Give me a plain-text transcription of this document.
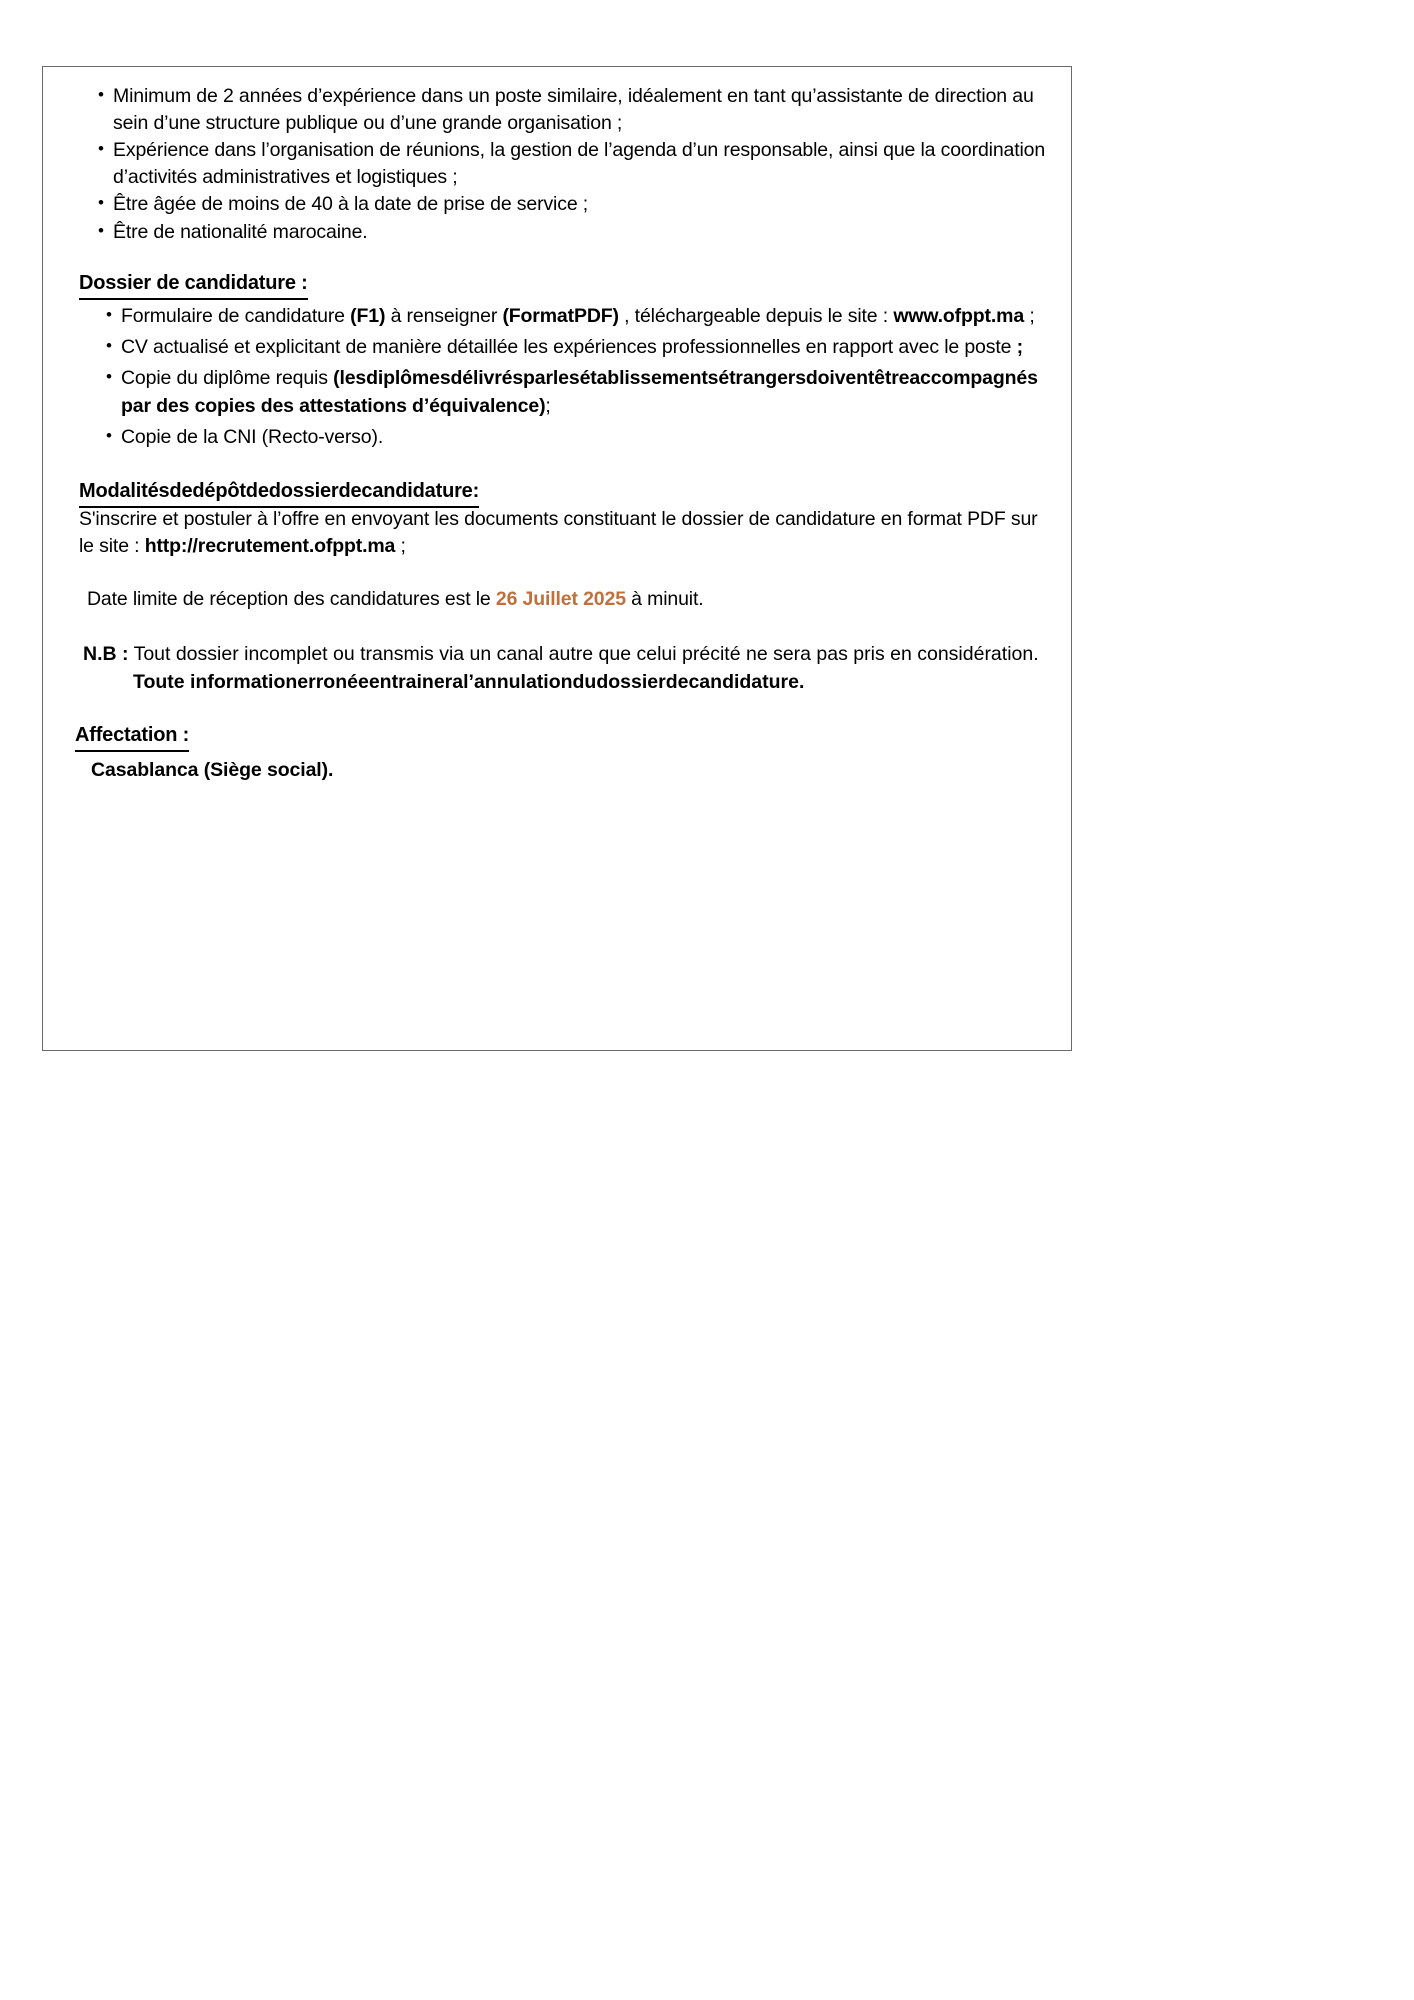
• Minimum de 2 années d’expérience dans un poste similaire, idéalement en tant qu’assistante de direction au sein d’une structure publique ou d’une grande organisation ;
• Expérience dans l’organisation de réunions, la gestion de l’agenda d’un responsable, ainsi que la coordination d’activités administratives et logistiques ;
• Être âgée de moins de 40 à la date de prise de service ;
• Être de nationalité marocaine.
Dossier de candidature :
• Formulaire de candidature (F1) à renseigner (FormatPDF) , téléchargeable depuis le site : www.ofppt.ma ;
• CV actualisé et explicitant de manière détaillée les expériences professionnelles en rapport avec le poste ;
• Copie du diplôme requis (lesdiplômesdélivrésparlesétablissementsétrangersdoiventêtreaccompagnés par des copies des attestations d’équivalence);
• Copie de la CNI (Recto-verso).
Modalitésdedépôtdedossierdecandidature:

S'inscrire et postuler à l’offre en envoyant les documents constituant le dossier de candidature en format PDF sur le site : http://recrutement.ofppt.ma ;

Date limite de réception des candidatures est le 26 Juillet 2025 à minuit.

N.B : Tout dossier incomplet ou transmis via un canal autre que celui précité ne sera pas pris en considération.
Toute informationerronéeentraineral’annulationdudossierdecandidature.
Affectation :
Casablanca (Siège social).
